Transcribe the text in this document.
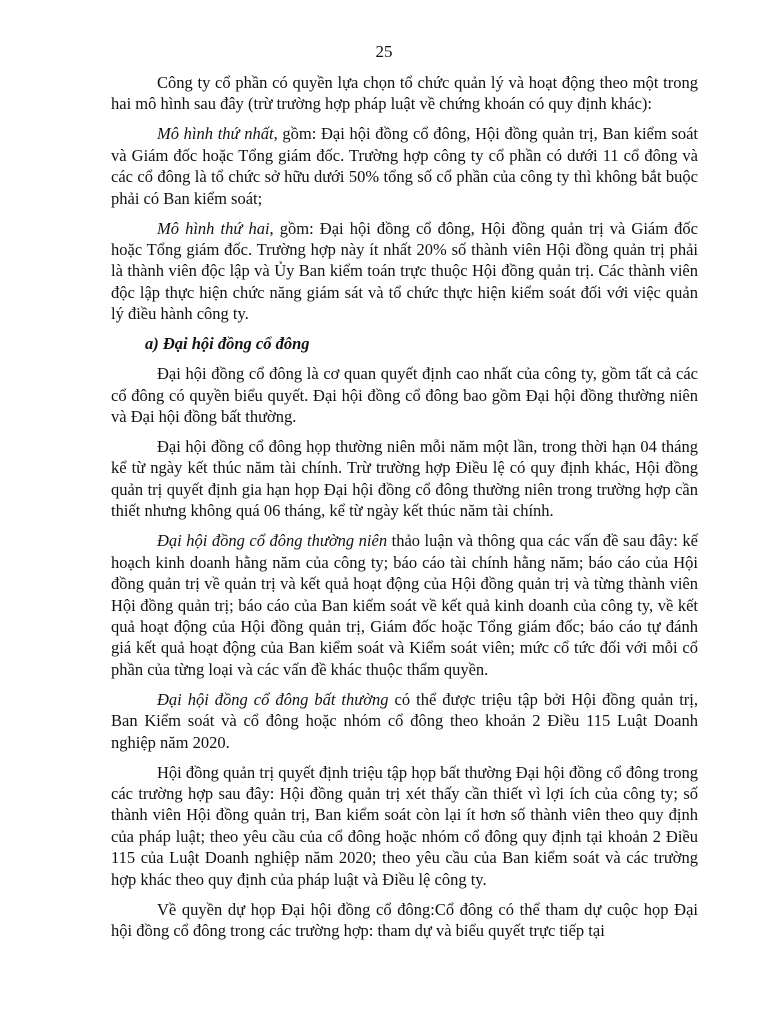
25

Công ty cổ phần có quyền lựa chọn tổ chức quản lý và hoạt động theo một trong hai mô hình sau đây (trừ trường hợp pháp luật về chứng khoán có quy định khác):

Mô hình thứ nhất, gồm: Đại hội đồng cổ đông, Hội đồng quản trị, Ban kiểm soát và Giám đốc hoặc Tổng giám đốc. Trường hợp công ty cổ phần có dưới 11 cổ đông và các cổ đông là tổ chức sở hữu dưới 50% tổng số cổ phần của công ty thì không bắt buộc phải có Ban kiểm soát;

Mô hình thứ hai, gồm: Đại hội đồng cổ đông, Hội đồng quản trị và Giám đốc hoặc Tổng giám đốc. Trường hợp này ít nhất 20% số thành viên Hội đồng quản trị phải là thành viên độc lập và Ủy Ban kiểm toán trực thuộc Hội đồng quản trị. Các thành viên độc lập thực hiện chức năng giám sát và tổ chức thực hiện kiểm soát đối với việc quản lý điều hành công ty.

a) Đại hội đồng cổ đông

Đại hội đồng cổ đông là cơ quan quyết định cao nhất của công ty, gồm tất cả các cổ đông có quyền biểu quyết. Đại hội đồng cổ đông bao gồm Đại hội đồng thường niên và Đại hội đồng bất thường.

Đại hội đồng cổ đông họp thường niên mỗi năm một lần, trong thời hạn 04 tháng kể từ ngày kết thúc năm tài chính. Trừ trường hợp Điều lệ có quy định khác, Hội đồng quản trị quyết định gia hạn họp Đại hội đồng cổ đông thường niên trong trường hợp cần thiết nhưng không quá 06 tháng, kể từ ngày kết thúc năm tài chính.

Đại hội đồng cổ đông thường niên thảo luận và thông qua các vấn đề sau đây: kế hoạch kinh doanh hằng năm của công ty; báo cáo tài chính hằng năm; báo cáo của Hội đồng quản trị về quản trị và kết quả hoạt động của Hội đồng quản trị và từng thành viên Hội đồng quản trị; báo cáo của Ban kiểm soát về kết quả kinh doanh của công ty, về kết quả hoạt động của Hội đồng quản trị, Giám đốc hoặc Tổng giám đốc; báo cáo tự đánh giá kết quả hoạt động của Ban kiểm soát và Kiểm soát viên; mức cổ tức đối với mỗi cổ phần của từng loại và các vấn đề khác thuộc thẩm quyền.

Đại hội đồng cổ đông bất thường có thể được triệu tập bởi Hội đồng quản trị, Ban Kiểm soát và cổ đông hoặc nhóm cổ đông theo khoản 2 Điều 115 Luật Doanh nghiệp năm 2020.

Hội đồng quản trị quyết định triệu tập họp bất thường Đại hội đồng cổ đông trong các trường hợp sau đây: Hội đồng quản trị xét thấy cần thiết vì lợi ích của công ty; số thành viên Hội đồng quản trị, Ban kiểm soát còn lại ít hơn số thành viên theo quy định của pháp luật; theo yêu cầu của cổ đông hoặc nhóm cổ đông quy định tại khoản 2 Điều 115 của Luật Doanh nghiệp năm 2020; theo yêu cầu của Ban kiểm soát và các trường hợp khác theo quy định của pháp luật và Điều lệ công ty.

Về quyền dự họp Đại hội đồng cổ đông:Cổ đông có thể tham dự cuộc họp Đại hội đồng cổ đông trong các trường hợp: tham dự và biểu quyết trực tiếp tại
